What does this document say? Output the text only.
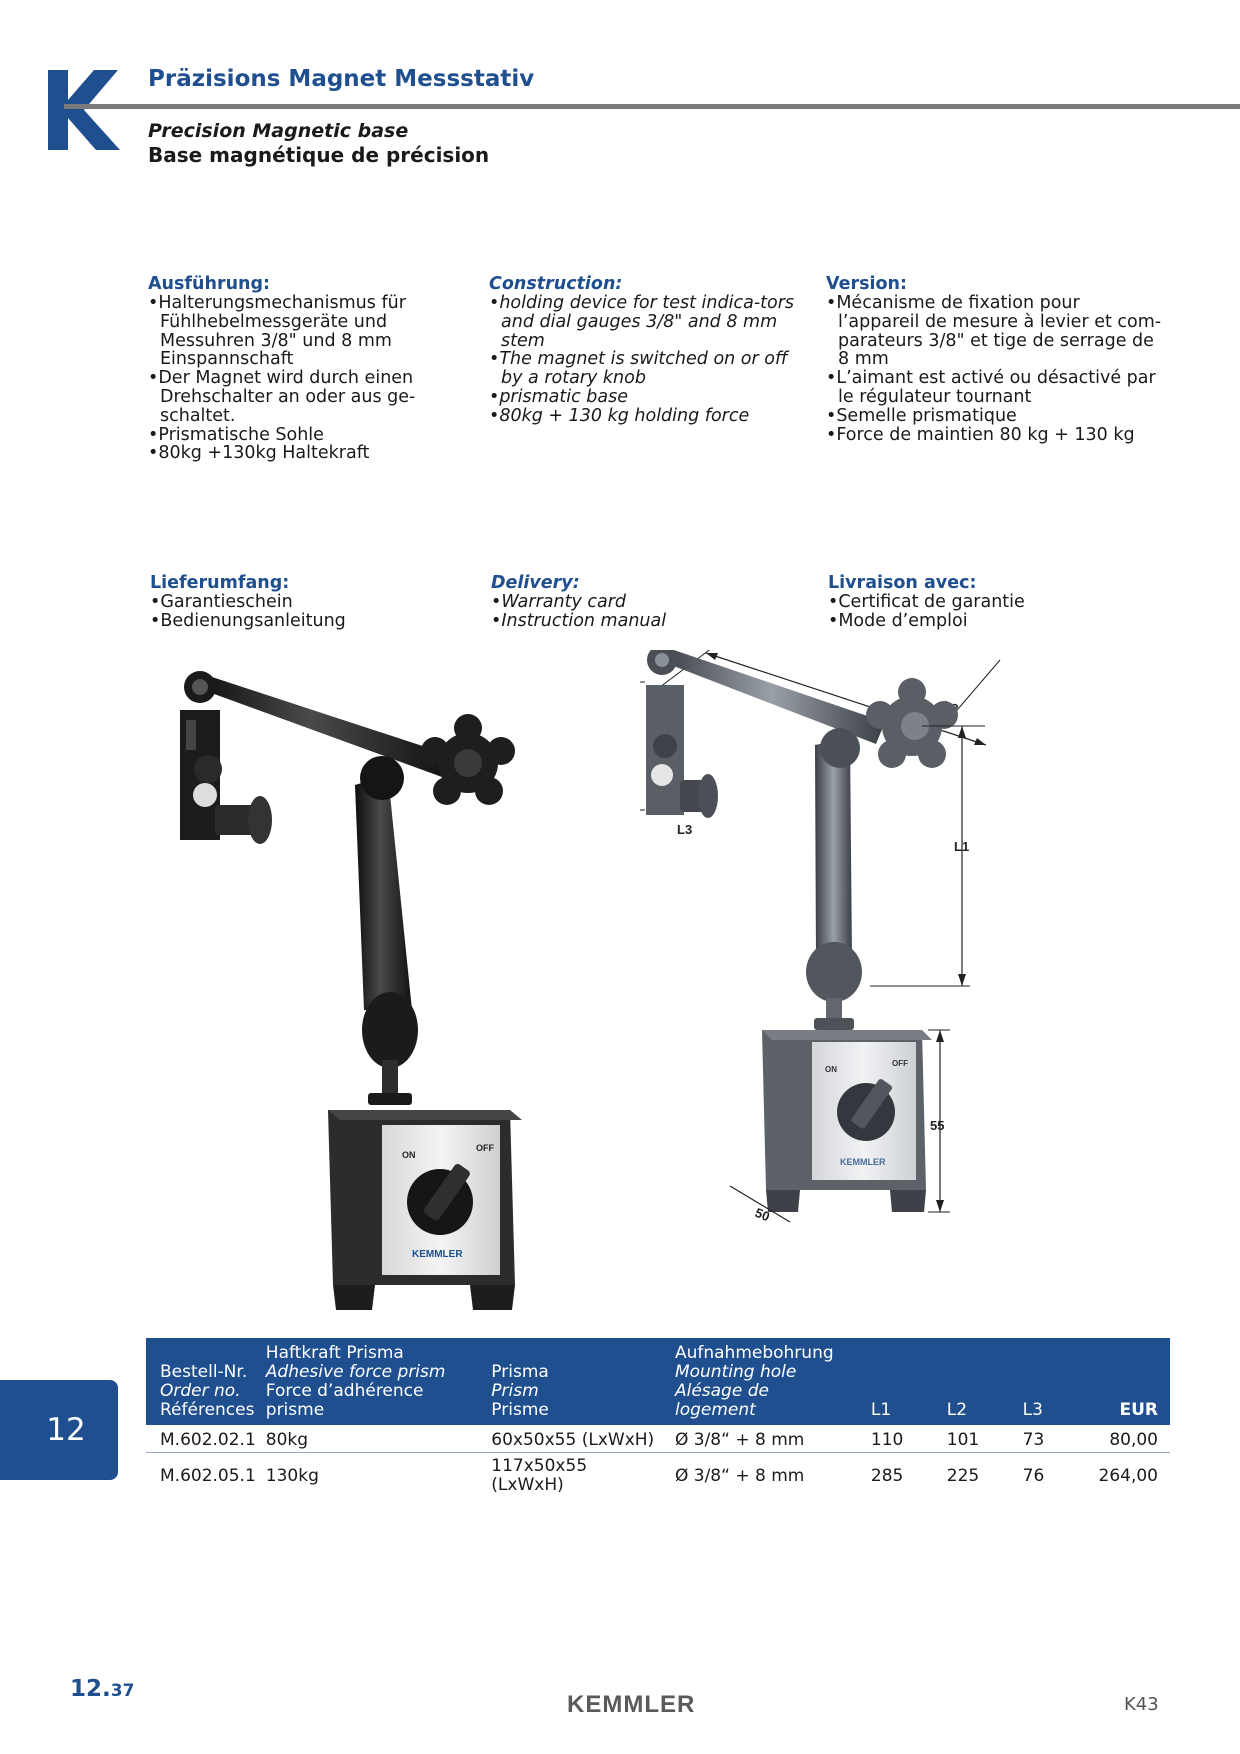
Präzisions Magnet Messstativ
Precision Magnetic base
Base magnétique de précision
Ausführung:
• Halterungsmechanismus für Fühlhebelmessgeräte und Messuhren 3/8" und 8 mm Einspannschaft
• Der Magnet wird durch einen Drehschalter an oder aus ge-schaltet.
• Prismatische Sohle
• 80kg +130kg Haltekraft
Construction:
• holding device for test indica-tors and dial gauges 3/8" and 8 mm stem
• The magnet is switched on or off by a rotary knob
• prismatic base
• 80kg + 130 kg holding force
Version:
• Mécanisme de fixation pour l’appareil de mesure à levier et com-parateurs 3/8" et tige de serrage de 8 mm
• L’aimant est activé ou désactivé par le régulateur tournant
• Semelle prismatique
• Force de maintien 80 kg + 130 kg
Lieferumfang:
• Garantieschein
• Bedienungsanleitung
Delivery:
• Warranty card
• Instruction manual
Livraison avec:
• Certificat de garantie
• Mode d’emploi
ON
OFF
KEMMLER
L1
ON
OFF
KEMMLER
55
50
L3
Bestell-Nr.
Order no.
Références	Haftkraft Prisma
Adhesive force prism
Force d’adhérence prisme	Prisma
Prism
Prisme	Aufnahmebohrung
Mounting hole
Alésage de logement	L1	L2	L3	EUR
M.602.02.1	80kg	60x50x55 (LxWxH)	Ø 3/8“ + 8 mm	110	101	73	80,00
M.602.05.1	130kg	117x50x55 (LxWxH)	Ø 3/8“ + 8 mm	285	225	76	264,00
12
12.37	KEMMLER	K43
